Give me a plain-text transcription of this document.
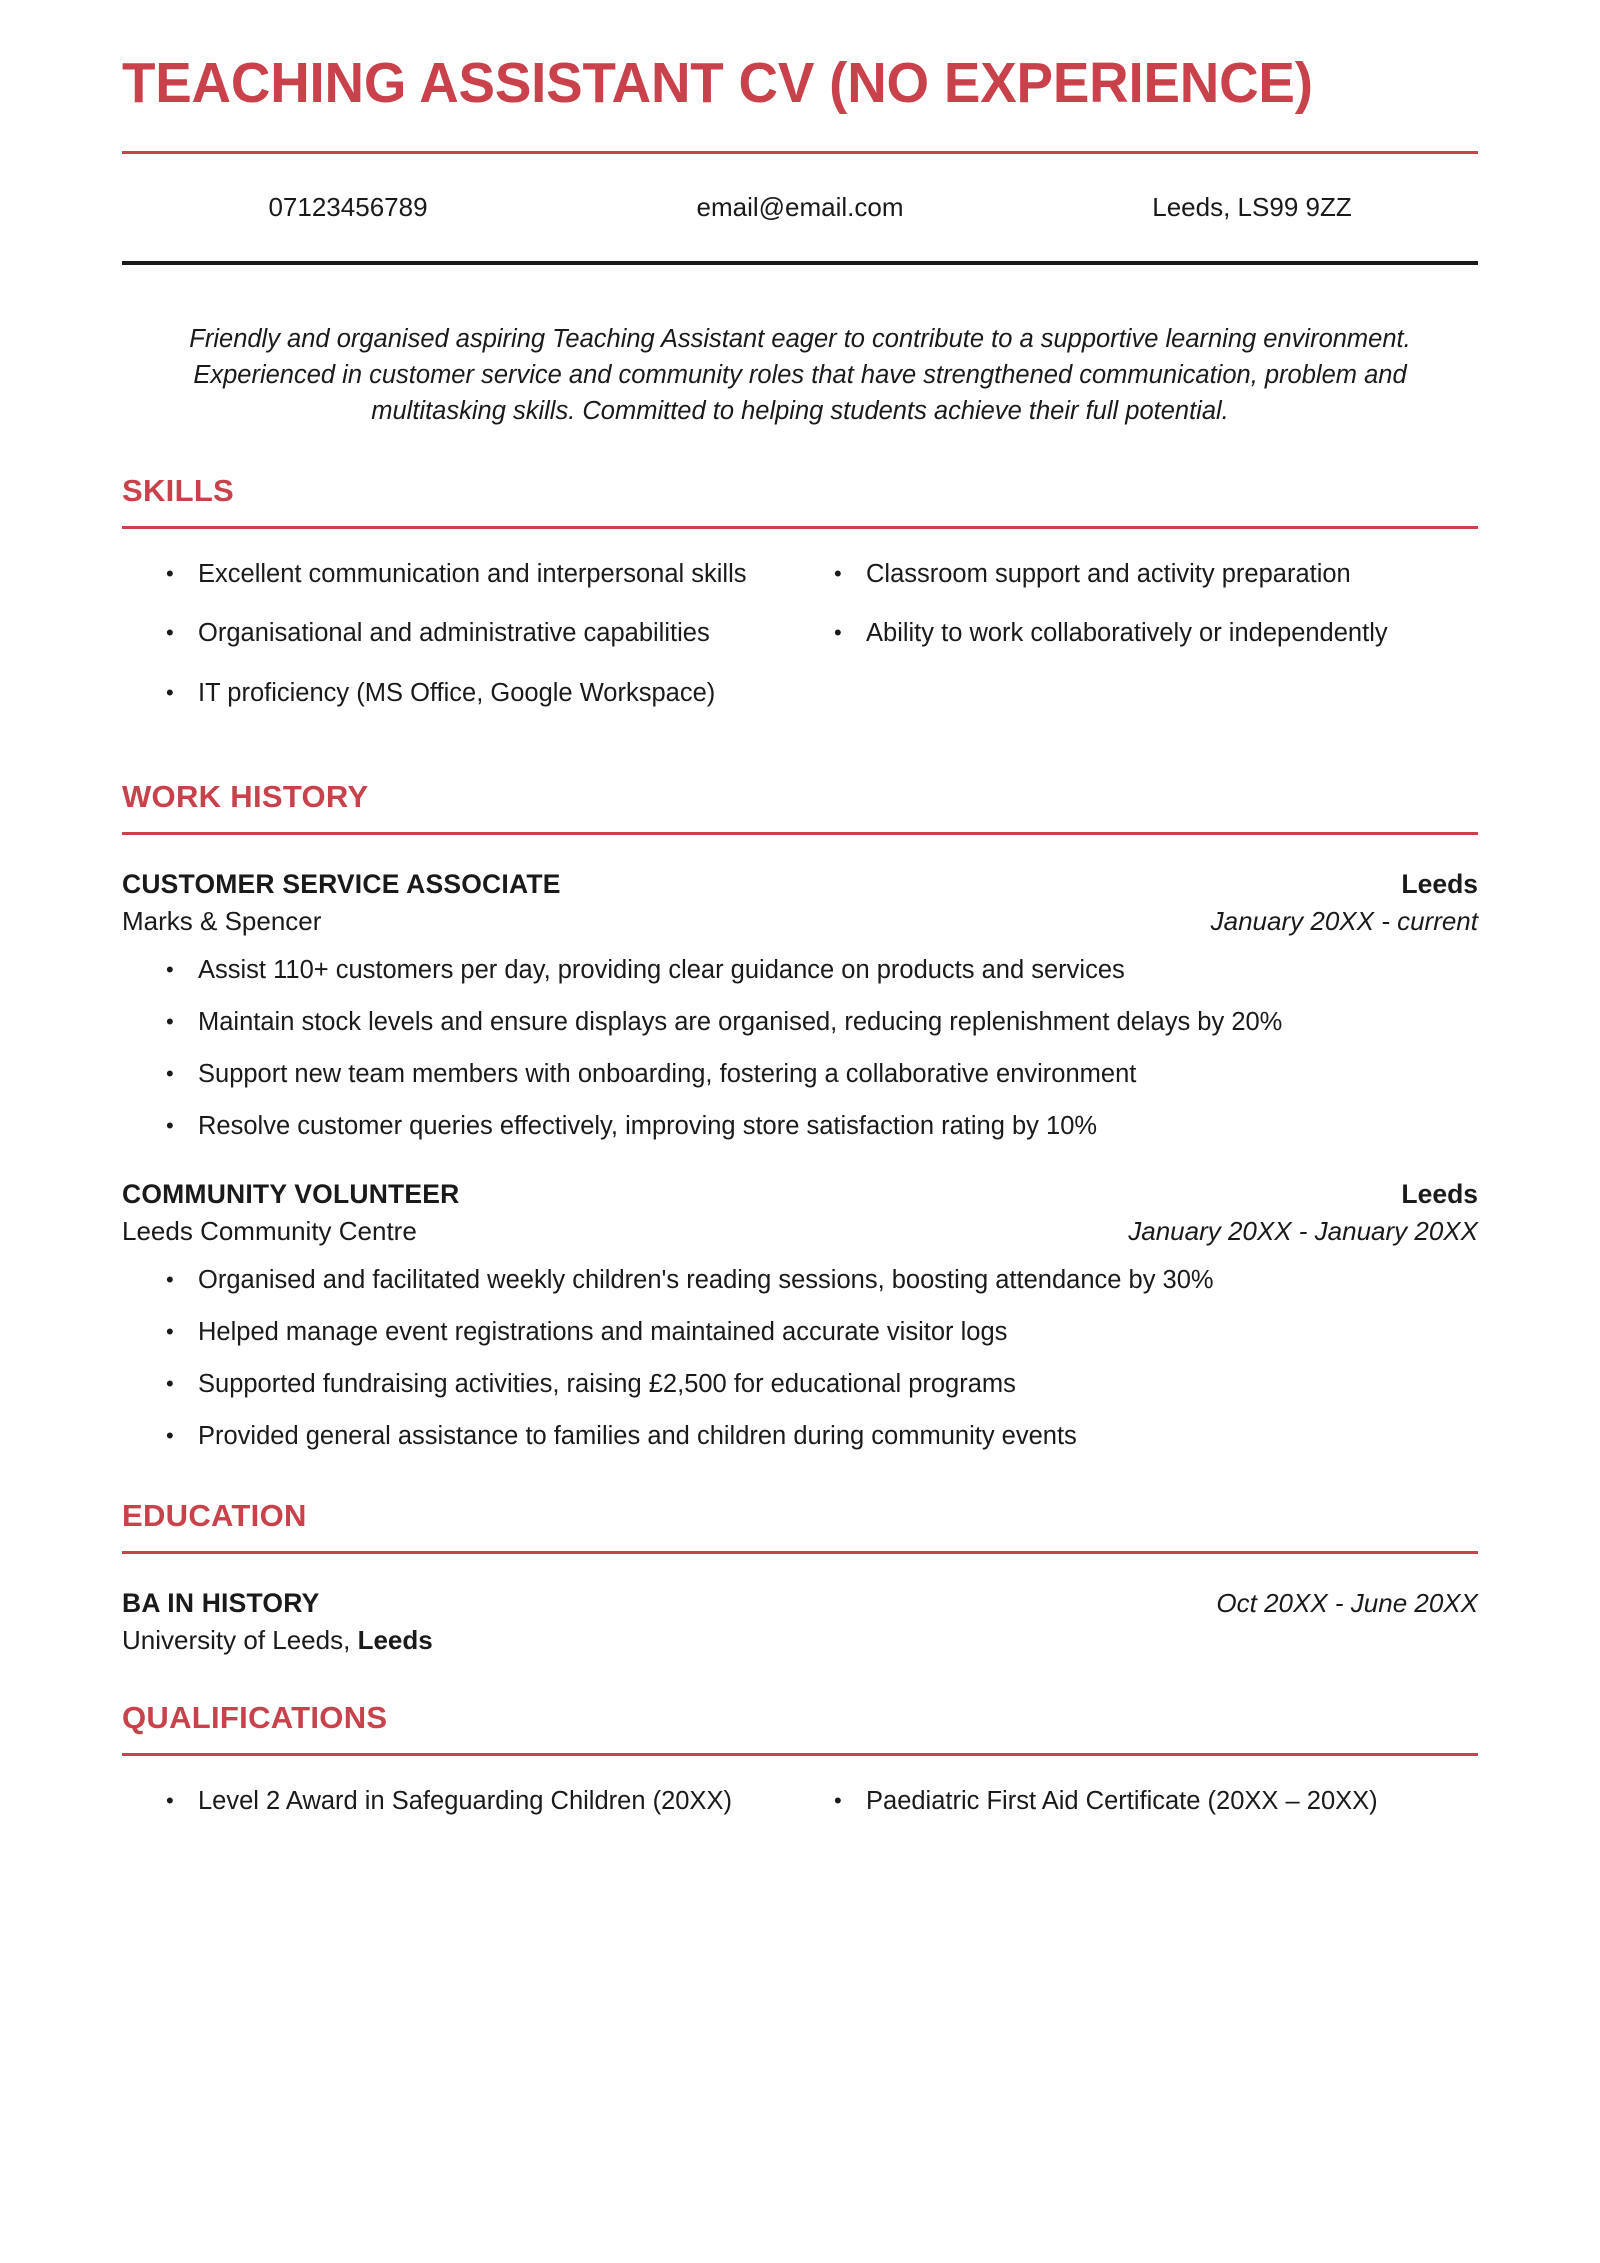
TEACHING ASSISTANT CV (NO EXPERIENCE)
07123456789	email@email.com	Leeds, LS99 9ZZ
Friendly and organised aspiring Teaching Assistant eager to contribute to a supportive learning environment. Experienced in customer service and community roles that have strengthened communication, problem and multitasking skills. Committed to helping students achieve their full potential.
SKILLS
• Excellent communication and interpersonal skills
• Organisational and administrative capabilities
• IT proficiency (MS Office, Google Workspace)
• Classroom support and activity preparation
• Ability to work collaboratively or independently
WORK HISTORY
CUSTOMER SERVICE ASSOCIATE	Leeds
Marks & Spencer	January 20XX - current
• Assist 110+ customers per day, providing clear guidance on products and services
• Maintain stock levels and ensure displays are organised, reducing replenishment delays by 20%
• Support new team members with onboarding, fostering a collaborative environment
• Resolve customer queries effectively, improving store satisfaction rating by 10%
COMMUNITY VOLUNTEER	Leeds
Leeds Community Centre	January 20XX - January 20XX
• Organised and facilitated weekly children's reading sessions, boosting attendance by 30%
• Helped manage event registrations and maintained accurate visitor logs
• Supported fundraising activities, raising £2,500 for educational programs
• Provided general assistance to families and children during community events
EDUCATION
BA IN HISTORY	Oct 20XX - June 20XX
University of Leeds, Leeds
QUALIFICATIONS
• Level 2 Award in Safeguarding Children (20XX)	• Paediatric First Aid Certificate (20XX – 20XX)
